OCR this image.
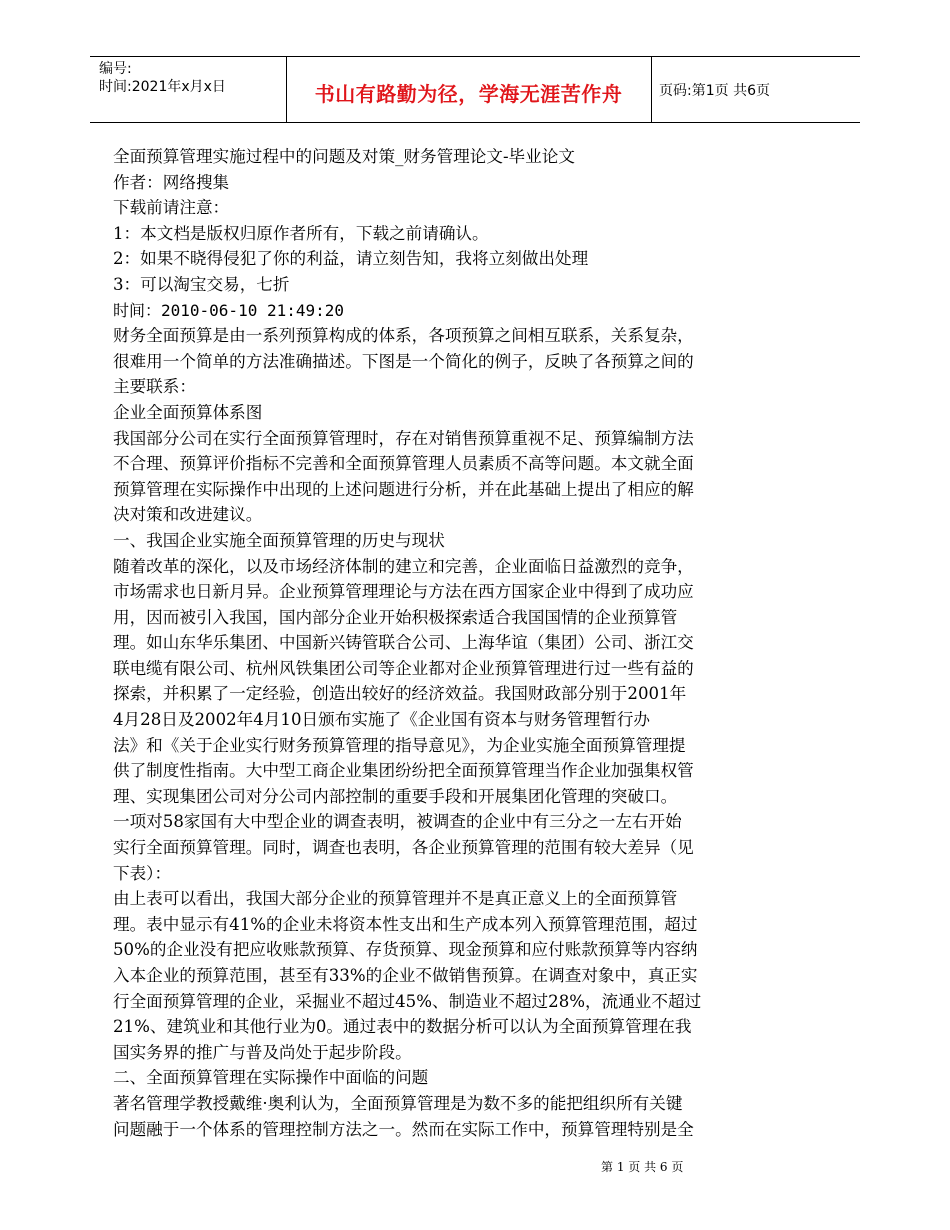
编号:
时间:2021年x月x日	书山有路勤为径，学海无涯苦作舟	页码:第1页 共6页

全面预算管理实施过程中的问题及对策_财务管理论文-毕业论文

作者：网络搜集

下载前请注意：

1：本文档是版权归原作者所有，下载之前请确认。

2：如果不晓得侵犯了你的利益，请立刻告知，我将立刻做出处理

3：可以淘宝交易，七折

时间：2010-06-10 21:49:20

财务全面预算是由一系列预算构成的体系，各项预算之间相互联系，关系复杂，

很难用一个简单的方法准确描述。下图是一个简化的例子，反映了各预算之间的

主要联系：

企业全面预算体系图

我国部分公司在实行全面预算管理时，存在对销售预算重视不足、预算编制方法

不合理、预算评价指标不完善和全面预算管理人员素质不高等问题。本文就全面

预算管理在实际操作中出现的上述问题进行分析，并在此基础上提出了相应的解

决对策和改进建议。

一、我国企业实施全面预算管理的历史与现状

随着改革的深化，以及市场经济体制的建立和完善，企业面临日益激烈的竞争，

市场需求也日新月异。企业预算管理理论与方法在西方国家企业中得到了成功应

用，因而被引入我国，国内部分企业开始积极探索适合我国国情的企业预算管

理。如山东华乐集团、中国新兴铸管联合公司、上海华谊（集团）公司、浙江交

联电缆有限公司、杭州风铁集团公司等企业都对企业预算管理进行过一些有益的

探索，并积累了一定经验，创造出较好的经济效益。我国财政部分别于2001年

4月28日及2002年4月10日颁布实施了《企业国有资本与财务管理暂行办

法》和《关于企业实行财务预算管理的指导意见》，为企业实施全面预算管理提

供了制度性指南。大中型工商企业集团纷纷把全面预算管理当作企业加强集权管

理、实现集团公司对分公司内部控制的重要手段和开展集团化管理的突破口。

一项对58家国有大中型企业的调查表明，被调查的企业中有三分之一左右开始

实行全面预算管理。同时，调查也表明，各企业预算管理的范围有较大差异（见

下表）：

由上表可以看出，我国大部分企业的预算管理并不是真正意义上的全面预算管

理。表中显示有41%的企业未将资本性支出和生产成本列入预算管理范围，超过

50%的企业没有把应收账款预算、存货预算、现金预算和应付账款预算等内容纳

入本企业的预算范围，甚至有33%的企业不做销售预算。在调查对象中，真正实

行全面预算管理的企业，采掘业不超过45%、制造业不超过28%，流通业不超过

21%、建筑业和其他行业为0。通过表中的数据分析可以认为全面预算管理在我

国实务界的推广与普及尚处于起步阶段。

二、全面预算管理在实际操作中面临的问题

著名管理学教授戴维·奥利认为，全面预算管理是为数不多的能把组织所有关键

问题融于一个体系的管理控制方法之一。然而在实际工作中，预算管理特别是全

第 1 页 共 6 页
